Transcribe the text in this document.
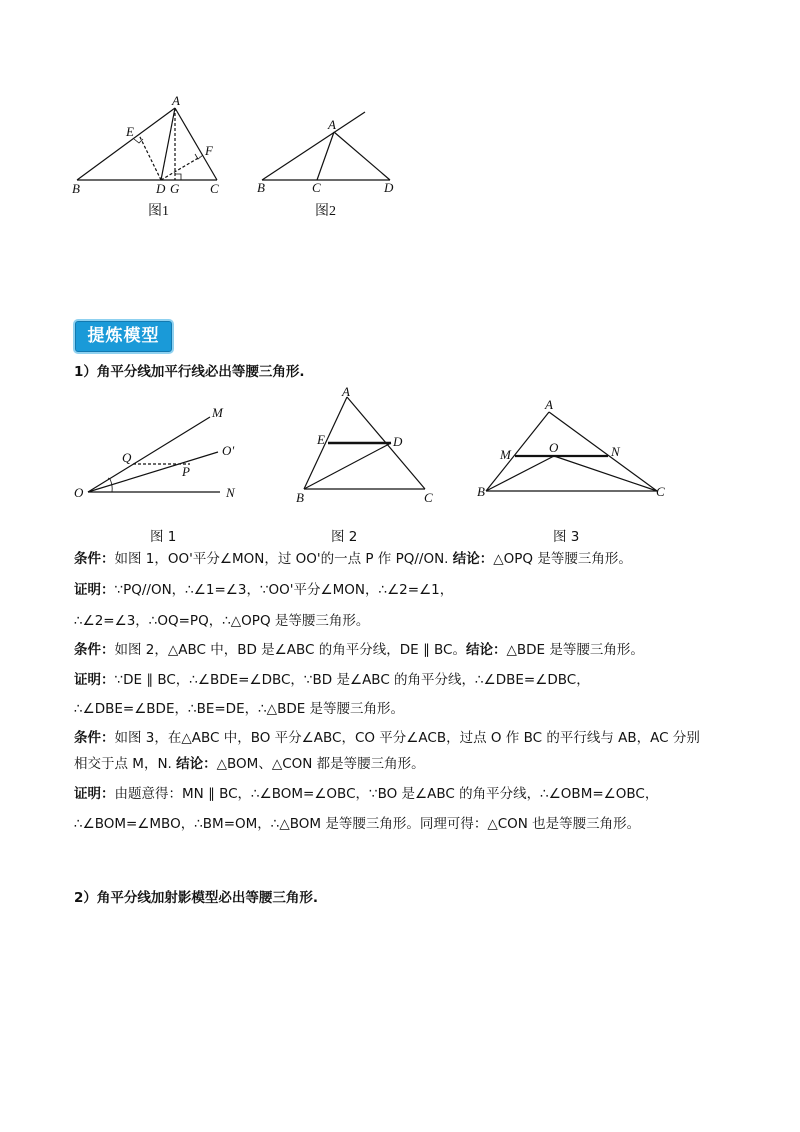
A
E
F
B	D G C
图1
A
B	C	D
图2
提炼模型
1）角平分线加平行线必出等腰三角形.
M
Q	O'
P
O	N
A
E	D
B	C
A
M	O	N
B	C
图 1	图 2	图 3
条件：如图 1，OO'平分∠MON，过 OO'的一点 P 作 PQ//ON. 结论：△OPQ 是等腰三角形。
证明：∵PQ//ON，∴∠1=∠3，∵OO'平分∠MON，∴∠2=∠1，
∴∠2=∠3，∴OQ=PQ，∴△OPQ 是等腰三角形。
条件：如图 2，△ABC 中，BD 是∠ABC 的角平分线，DE ∥ BC。结论：△BDE 是等腰三角形。
证明：∵DE ∥ BC，∴∠BDE=∠DBC，∵BD 是∠ABC 的角平分线，∴∠DBE=∠DBC，
∴∠DBE=∠BDE，∴BE=DE，∴△BDE 是等腰三角形。
条件：如图 3，在△ABC 中，BO 平分∠ABC，CO 平分∠ACB，过点 O 作 BC 的平行线与 AB，AC 分别
相交于点 M，N. 结论：△BOM、△CON 都是等腰三角形。
证明：由题意得：MN ∥ BC，∴∠BOM=∠OBC，∵BO 是∠ABC 的角平分线，∴∠OBM=∠OBC，
∴∠BOM=∠MBO，∴BM=OM，∴△BOM 是等腰三角形。同理可得：△CON 也是等腰三角形。
2）角平分线加射影模型必出等腰三角形.
